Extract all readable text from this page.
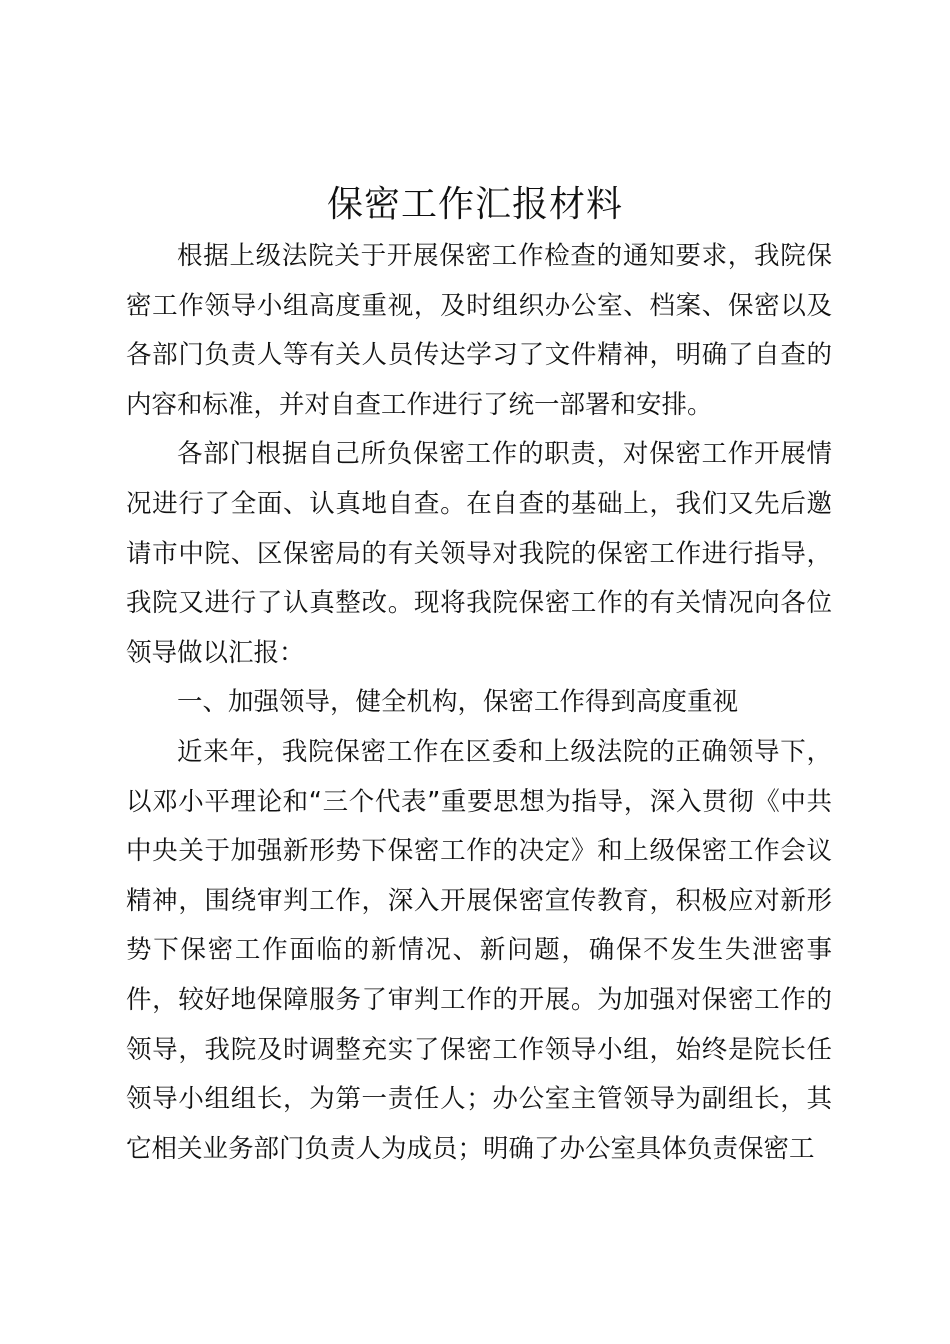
保密工作汇报材料

根据上级法院关于开展保密工作检查的通知要求，我院保密工作领导小组高度重视，及时组织办公室、档案、保密以及各部门负责人等有关人员传达学习了文件精神，明确了自查的内容和标准，并对自查工作进行了统一部署和安排。

各部门根据自己所负保密工作的职责，对保密工作开展情况进行了全面、认真地自查。在自查的基础上，我们又先后邀请市中院、区保密局的有关领导对我院的保密工作进行指导，我院又进行了认真整改。现将我院保密工作的有关情况向各位领导做以汇报：

一、加强领导，健全机构，保密工作得到高度重视

近来年，我院保密工作在区委和上级法院的正确领导下，以邓小平理论和“三个代表”重要思想为指导，深入贯彻《中共中央关于加强新形势下保密工作的决定》和上级保密工作会议精神，围绕审判工作，深入开展保密宣传教育，积极应对新形势下保密工作面临的新情况、新问题，确保不发生失泄密事件，较好地保障服务了审判工作的开展。为加强对保密工作的领导，我院及时调整充实了保密工作领导小组，始终是院长任领导小组组长，为第一责任人；办公室主管领导为副组长，其它相关业务部门负责人为成员；明确了办公室具体负责保密工
